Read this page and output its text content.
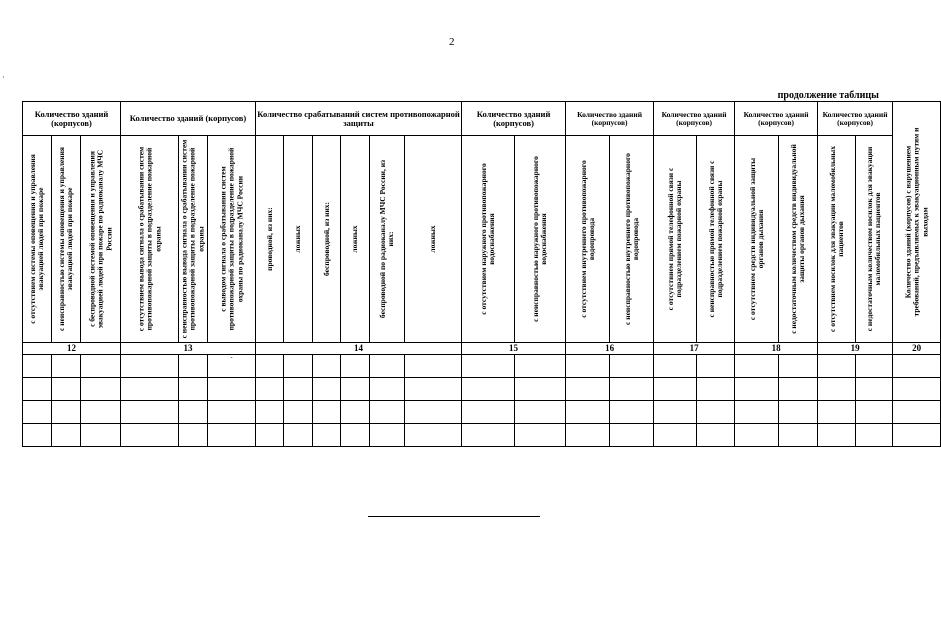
2
·
продолжение таблицы
Количество зданий (корпусов)			Количество зданий (корпусов)			Количество срабатываний систем противопожарной защиты						Количество зданий (корпусов)		Количество зданий (корпусов)		Количество зданий (корпусов)		Количество зданий (корпусов)		Количество зданий (корпусов)		Количество зданий (корпусов) с нарушением требований, предъявляемых к эвакуационным путям и выходам

с отсутствием системы оповещения и управления эвакуацией людей при пожаре	с неисправностью системы оповещения и управления эвакуацией людей при пожаре	с беспроводной системой оповещения и управления эвакуацией людей при пожаре по радиоканалу МЧС России	с отсутствием вывода сигнала о срабатывании систем противопожарной защиты в подразделение пожарной охраны	с неисправностью вывода сигнала о срабатывании систем противопожарной защиты в подразделение пожарной охраны	с выводом сигнала о срабатывании систем противопожарной защиты в подразделение пожарной охраны по радиоканалу МЧС России	проводной, из них:	ложных	беспроводной, из них:	ложных	беспроводной по радиоканалу МЧС России, из них:	ложных	с отсутствием наружного противопожарного водоснабжения	с неисправностью наружного противопожарного водоснабжения	с отсутствием внутреннего противопожарного водопровода	с неисправностью внутреннего противопожарного водопровода	с отсутствием прямой телефонной связи с подразделением пожарной охраны	с неисправностью прямой телефонной связи с подразделением пожарной охраны	с отсутствием средств индивидуальной защиты органов дыхания	с недостаточным количеством средств индивидуальной защиты органов дыхания	с отсутствием носилок для эвакуации маломобильных пациентов	с недостаточным количеством носилок для эвакуации маломобильных пациентов	

12			13			14						15		16		17		18		19		20
					-																	
